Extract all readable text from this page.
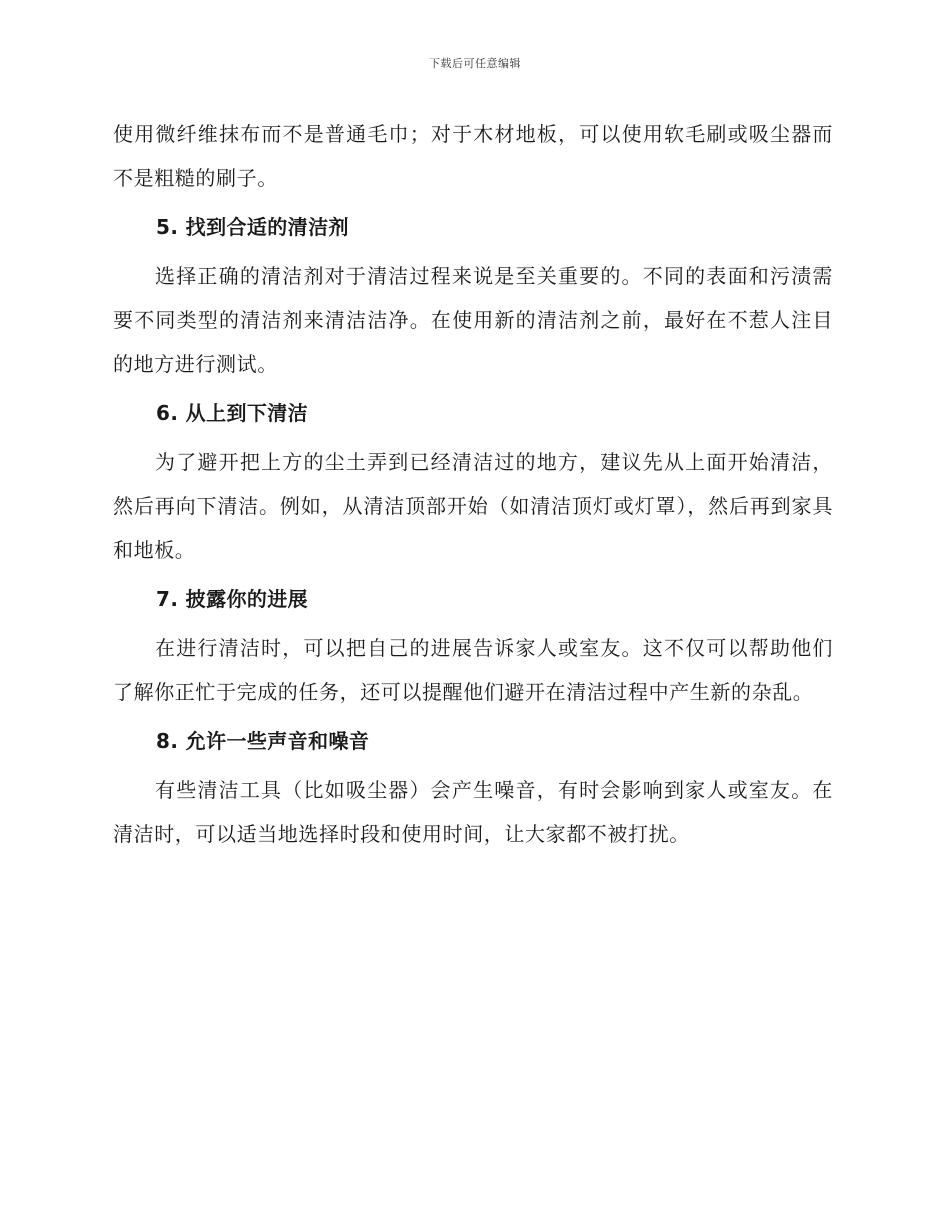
下载后可任意编辑

使用微纤维抹布而不是普通毛巾；对于木材地板，可以使用软毛刷或吸尘器而不是粗糙的刷子。

5. 找到合适的清洁剂

选择正确的清洁剂对于清洁过程来说是至关重要的。不同的表面和污渍需要不同类型的清洁剂来清洁洁净。在使用新的清洁剂之前，最好在不惹人注目的地方进行测试。

6. 从上到下清洁

为了避开把上方的尘土弄到已经清洁过的地方，建议先从上面开始清洁，然后再向下清洁。例如，从清洁顶部开始（如清洁顶灯或灯罩），然后再到家具和地板。

7. 披露你的进展

在进行清洁时，可以把自己的进展告诉家人或室友。这不仅可以帮助他们了解你正忙于完成的任务，还可以提醒他们避开在清洁过程中产生新的杂乱。

8. 允许一些声音和噪音

有些清洁工具（比如吸尘器）会产生噪音，有时会影响到家人或室友。在清洁时，可以适当地选择时段和使用时间，让大家都不被打扰。
